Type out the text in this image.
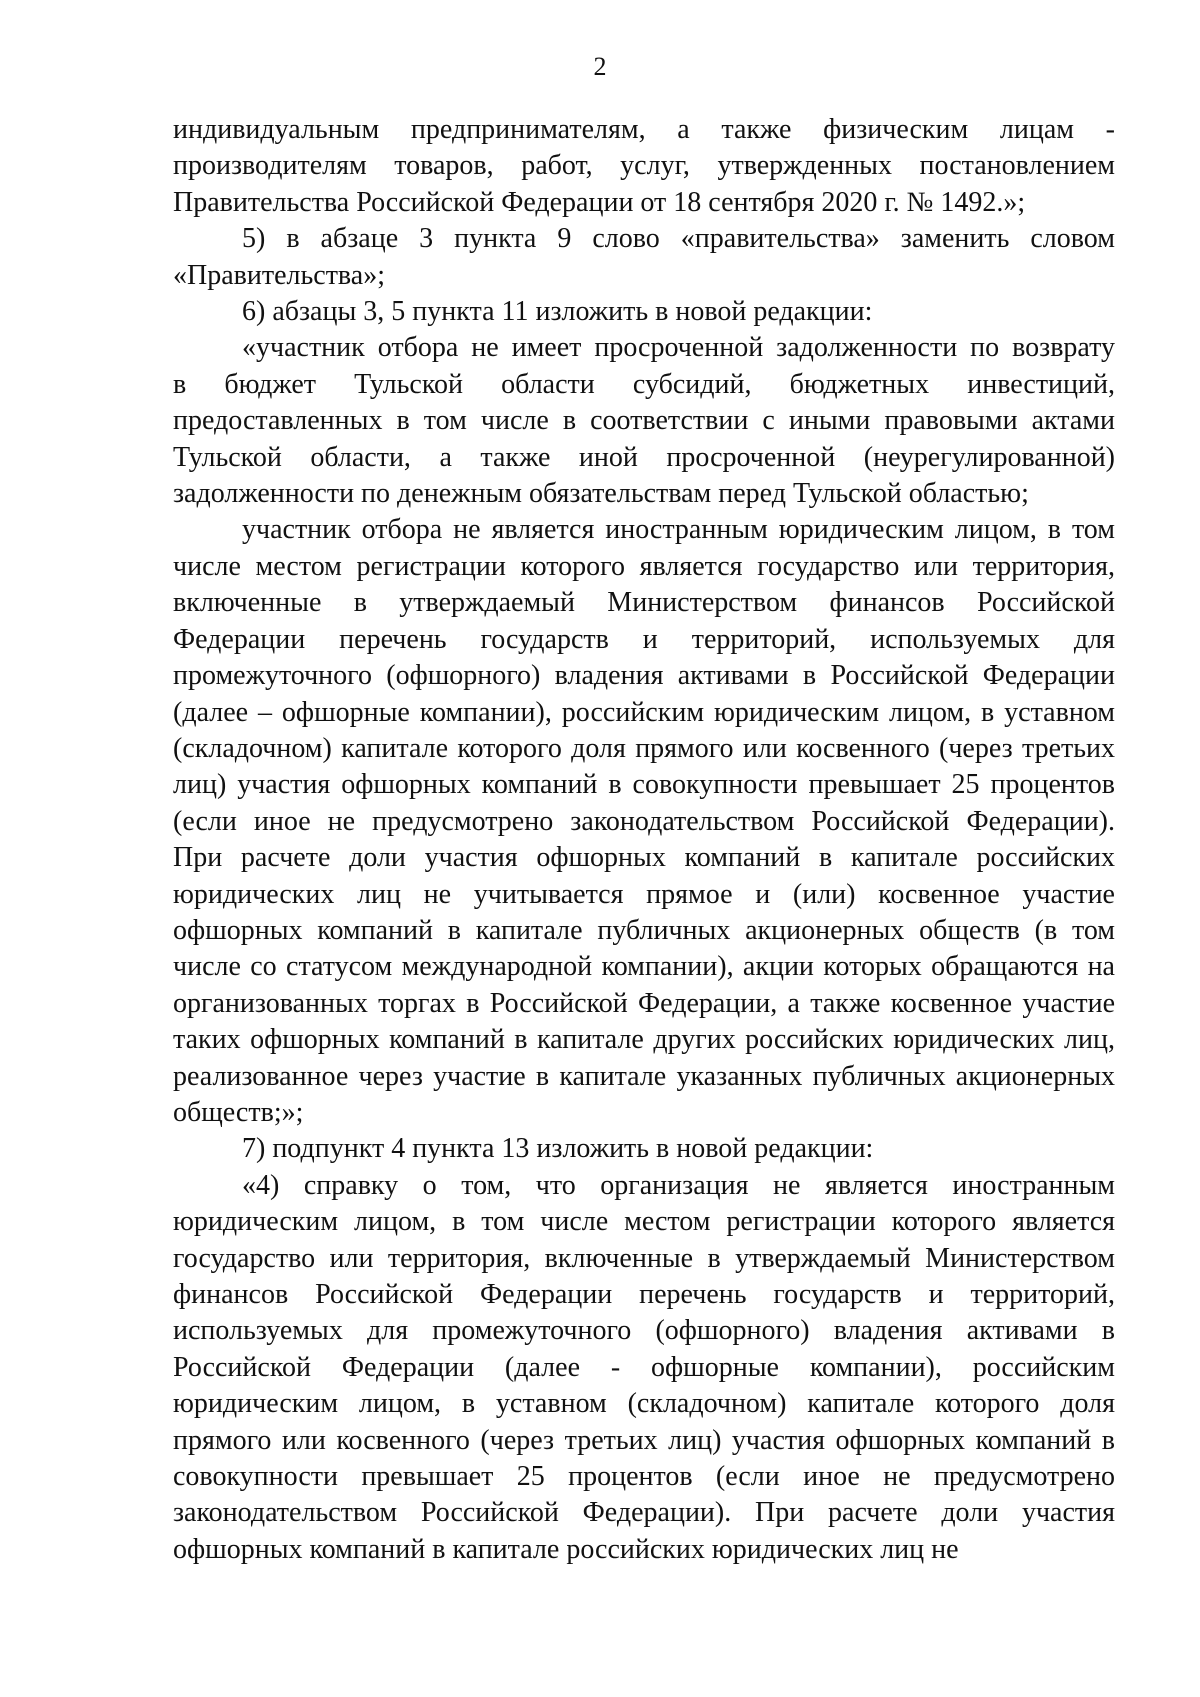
2
индивидуальным предпринимателям, а также физическим лицам -
производителям товаров, работ, услуг, утвержденных постановлением
Правительства Российской Федерации от 18 сентября 2020 г. № 1492.»;
5) в абзаце 3 пункта 9 слово «правительства» заменить словом
«Правительства»;
6) абзацы 3, 5 пункта 11 изложить в новой редакции:
«участник отбора не имеет просроченной задолженности по возврату
в бюджет Тульской области субсидий, бюджетных инвестиций,
предоставленных в том числе в соответствии с иными правовыми актами
Тульской области, а также иной просроченной (неурегулированной)
задолженности по денежным обязательствам перед Тульской областью;
участник отбора не является иностранным юридическим лицом, в том
числе местом регистрации которого является государство или территория,
включенные в утверждаемый Министерством финансов Российской
Федерации перечень государств и территорий, используемых для
промежуточного (офшорного) владения активами в Российской Федерации
(далее – офшорные компании), российским юридическим лицом, в уставном
(складочном) капитале которого доля прямого или косвенного (через третьих
лиц) участия офшорных компаний в совокупности превышает 25 процентов
(если иное не предусмотрено законодательством Российской Федерации).
При расчете доли участия офшорных компаний в капитале российских
юридических лиц не учитывается прямое и (или) косвенное участие
офшорных компаний в капитале публичных акционерных обществ (в том
числе со статусом международной компании), акции которых обращаются на
организованных торгах в Российской Федерации, а также косвенное участие
таких офшорных компаний в капитале других российских юридических лиц,
реализованное через участие в капитале указанных публичных акционерных
обществ;»;
7) подпункт 4 пункта 13 изложить в новой редакции:
«4) справку о том, что организация не является иностранным
юридическим лицом, в том числе местом регистрации которого является
государство или территория, включенные в утверждаемый Министерством
финансов Российской Федерации перечень государств и территорий,
используемых для промежуточного (офшорного) владения активами в
Российской Федерации (далее - офшорные компании), российским
юридическим лицом, в уставном (складочном) капитале которого доля
прямого или косвенного (через третьих лиц) участия офшорных компаний в
совокупности превышает 25 процентов (если иное не предусмотрено
законодательством Российской Федерации). При расчете доли участия
офшорных компаний в капитале российских юридических лиц не
